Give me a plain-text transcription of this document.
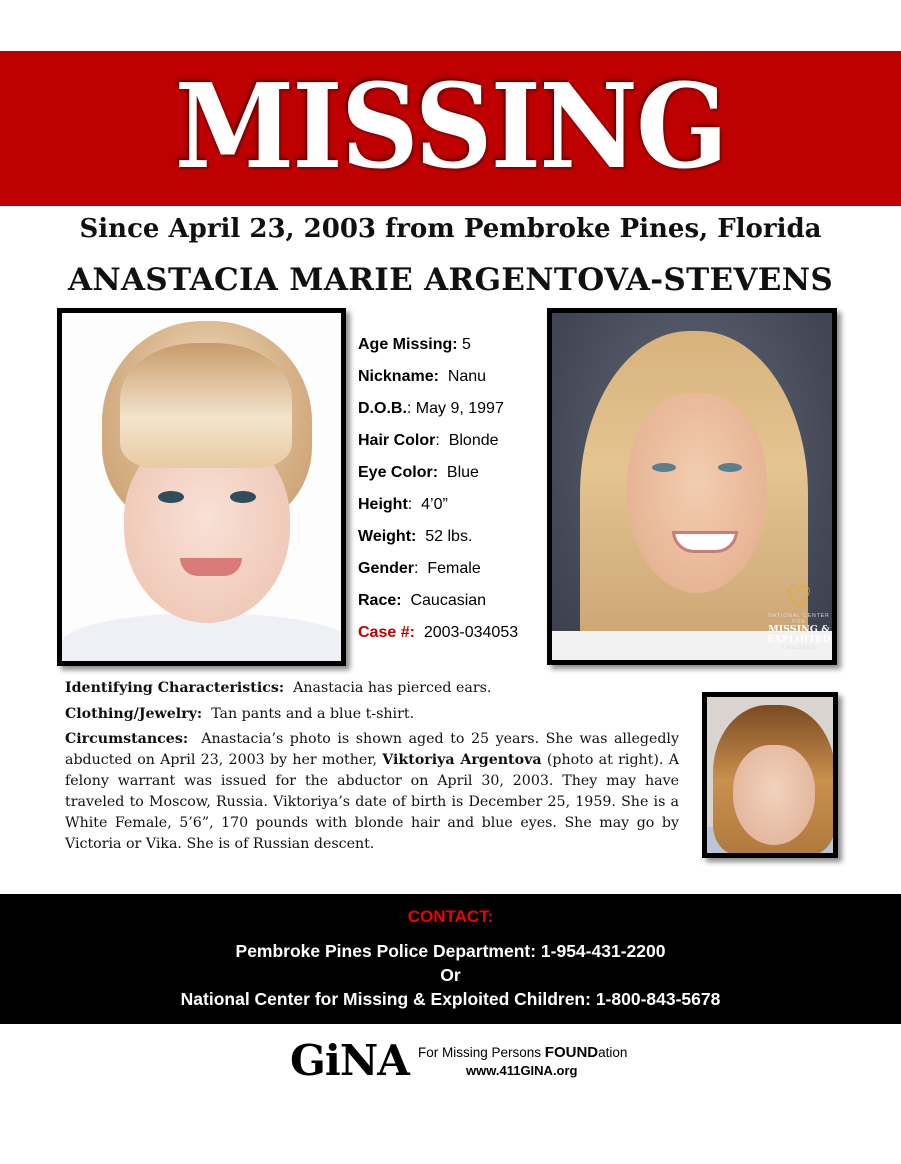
MISSING
Since April 23, 2003 from Pembroke Pines, Florida
ANASTACIA MARIE ARGENTOVA-STEVENS
Age Missing: 5
Nickname: Nanu
D.O.B.: May 9, 1997
Hair Color: Blonde
Eye Color: Blue
Height: 4’0”
Weight: 52 lbs.
Gender: Female
Race: Caucasian
Case #: 2003-034053
♡
NATIONAL CENTER FOR
MISSING &
EXPLOITED
CHILDREN

Identifying Characteristics: Anastacia has pierced ears.

Clothing/Jewelry: Tan pants and a blue t-shirt.

Circumstances: Anastacia’s photo is shown aged to 25 years. She was allegedly abducted on April 23, 2003 by her mother, Viktoriya Argentova (photo at right). A felony warrant was issued for the abductor on April 30, 2003. They may have traveled to Moscow, Russia. Viktoriya’s date of birth is December 25, 1959. She is a White Female, 5’6”, 170 pounds with blonde hair and blue eyes. She may go by Victoria or Vika. She is of Russian descent.

CONTACT:
Pembroke Pines Police Department: 1-954-431-2200
Or
National Center for Missing & Exploited Children: 1-800-843-5678
GiNA For Missing Persons FOUNDation
www.411GINA.org
